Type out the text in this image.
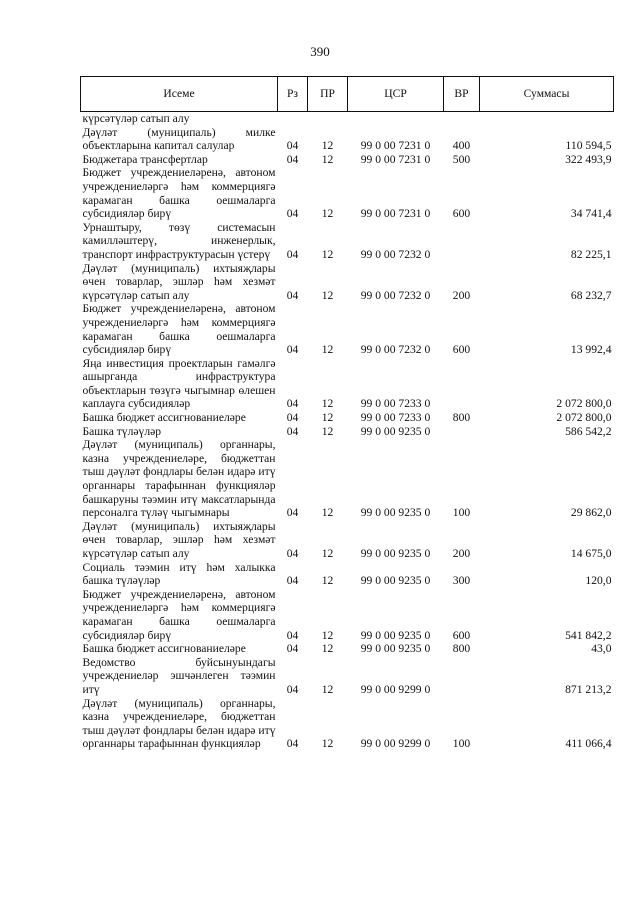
390
Исеме	Рз	ПР	ЦСР	ВР	Суммасы
күрсәтүләр сатып алу					
Дәүләт (муниципаль) милке объектларына капитал салулар	04	12	99 0 00 7231 0	400	110 594,5
Бюджетара трансфертлар	04	12	99 0 00 7231 0	500	322 493,9
Бюджет учреждениеләренә, автоном учреждениеләргә һәм коммерциягә карамаган башка оешмаларга субсидияләр бирү	04	12	99 0 00 7231 0	600	34 741,4
Урнаштыру, төзү системасын камилләштерү, инженерлык, транспорт инфраструктурасын үстерү	04	12	99 0 00 7232 0		82 225,1
Дәүләт (муниципаль) ихтыяҗлары өчен товарлар, эшләр һәм хезмәт күрсәтүләр сатып алу	04	12	99 0 00 7232 0	200	68 232,7
Бюджет учреждениеләренә, автоном учреждениеләргә һәм коммерциягә карамаган башка оешмаларга субсидияләр бирү	04	12	99 0 00 7232 0	600	13 992,4
Яңа инвестиция проектларын гамәлгә ашырганда инфраструктура объектларын төзүгә чыгымнар өлешен каплауга субсидияләр	04	12	99 0 00 7233 0		2 072 800,0
Башка бюджет ассигнованиеләре	04	12	99 0 00 7233 0	800	2 072 800,0
Башка түләүләр	04	12	99 0 00 9235 0		586 542,2
Дәүләт (муниципаль) органнары, казна учреждениеләре, бюджеттан тыш дәүләт фондлары белән идарә итү органнары тарафыннан функцияләр башкаруны тәэмин итү максатларында персоналга түләү чыгымнары	04	12	99 0 00 9235 0	100	29 862,0
Дәүләт (муниципаль) ихтыяҗлары өчен товарлар, эшләр һәм хезмәт күрсәтүләр сатып алу	04	12	99 0 00 9235 0	200	14 675,0
Социаль тәэмин итү һәм халыкка башка түләүләр	04	12	99 0 00 9235 0	300	120,0
Бюджет учреждениеләренә, автоном учреждениеләргә һәм коммерциягә карамаган башка оешмаларга субсидияләр бирү	04	12	99 0 00 9235 0	600	541 842,2
Башка бюджет ассигнованиеләре	04	12	99 0 00 9235 0	800	43,0
Ведомство буйсынуындагы учреждениеләр эшчәнлеген тәэмин итү	04	12	99 0 00 9299 0		871 213,2
Дәүләт (муниципаль) органнары, казна учреждениеләре, бюджеттан тыш дәүләт фондлары белән идарә итү органнары тарафыннан функцияләр	04	12	99 0 00 9299 0	100	411 066,4
